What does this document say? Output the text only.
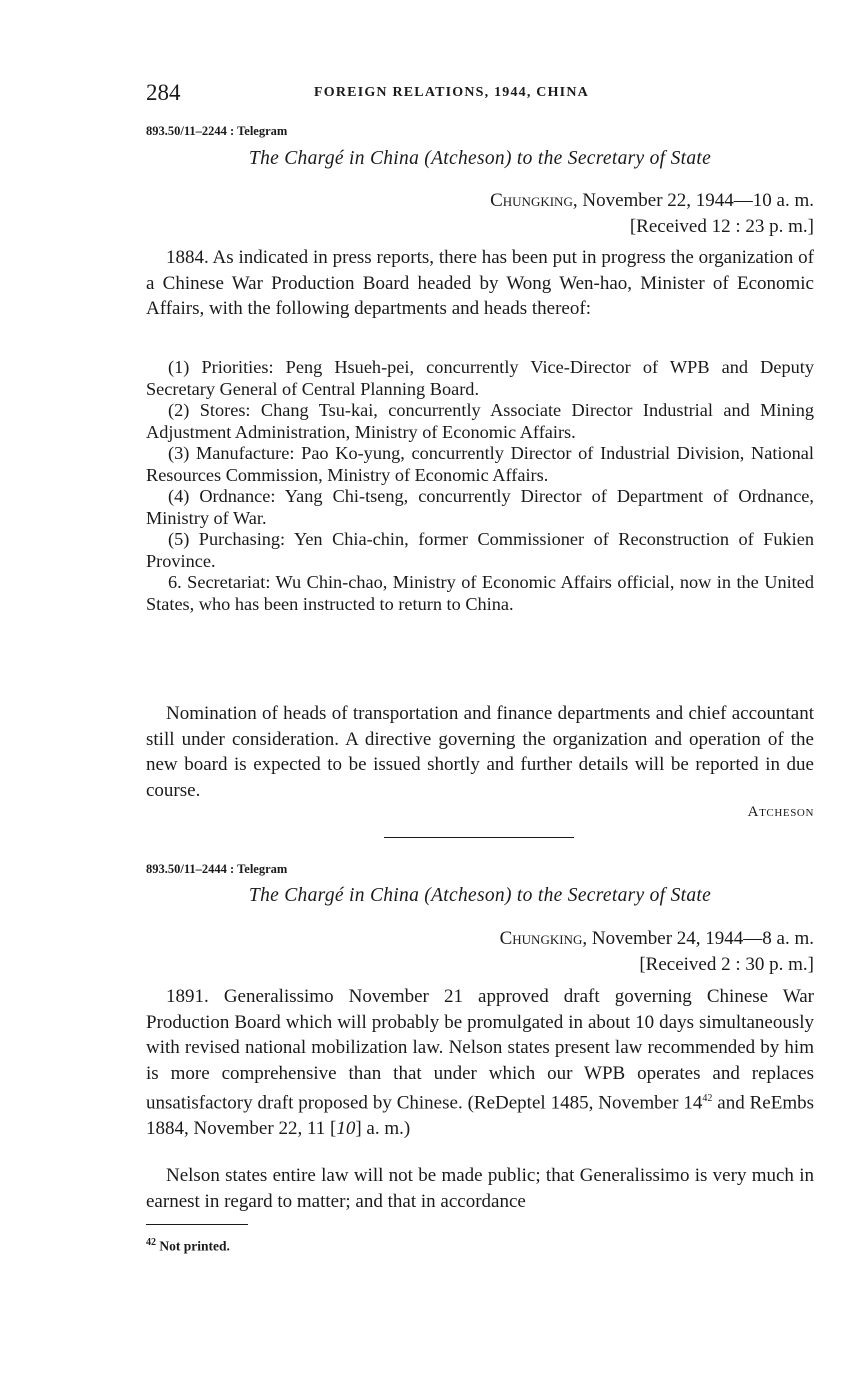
284	FOREIGN RELATIONS, 1944, CHINA
893.50/11–2244 : Telegram
The Chargé in China (Atcheson) to the Secretary of State
Chungking, November 22, 1944—10 a. m.
[Received 12 : 23 p. m.]
1884. As indicated in press reports, there has been put in progress the organization of a Chinese War Production Board headed by Wong Wen-hao, Minister of Economic Affairs, with the following departments and heads thereof:

(1) Priorities: Peng Hsueh-pei, concurrently Vice-Director of WPB and Deputy Secretary General of Central Planning Board.

(2) Stores: Chang Tsu-kai, concurrently Associate Director Industrial and Mining Adjustment Administration, Ministry of Economic Affairs.

(3) Manufacture: Pao Ko-yung, concurrently Director of Industrial Division, National Resources Commission, Ministry of Economic Affairs.

(4) Ordnance: Yang Chi-tseng, concurrently Director of Department of Ordnance, Ministry of War.

(5) Purchasing: Yen Chia-chin, former Commissioner of Reconstruction of Fukien Province.

6. Secretariat: Wu Chin-chao, Ministry of Economic Affairs official, now in the United States, who has been instructed to return to China.

Nomination of heads of transportation and finance departments and chief accountant still under consideration. A directive governing the organization and operation of the new board is expected to be issued shortly and further details will be reported in due course.
Atcheson
893.50/11–2444 : Telegram
The Chargé in China (Atcheson) to the Secretary of State
Chungking, November 24, 1944—8 a. m.
[Received 2 : 30 p. m.]
1891. Generalissimo November 21 approved draft governing Chinese War Production Board which will probably be promulgated in about 10 days simultaneously with revised national mobilization law. Nelson states present law recommended by him is more comprehensive than that under which our WPB operates and replaces unsatisfactory draft proposed by Chinese. (ReDeptel 1485, November $14^{42}$ and ReEmbs 1884, November 22, 11 [10] a. m.)
Nelson states entire law will not be made public; that Generalissimo is very much in earnest in regard to matter; and that in accordance
$^{42}$ Not printed.
